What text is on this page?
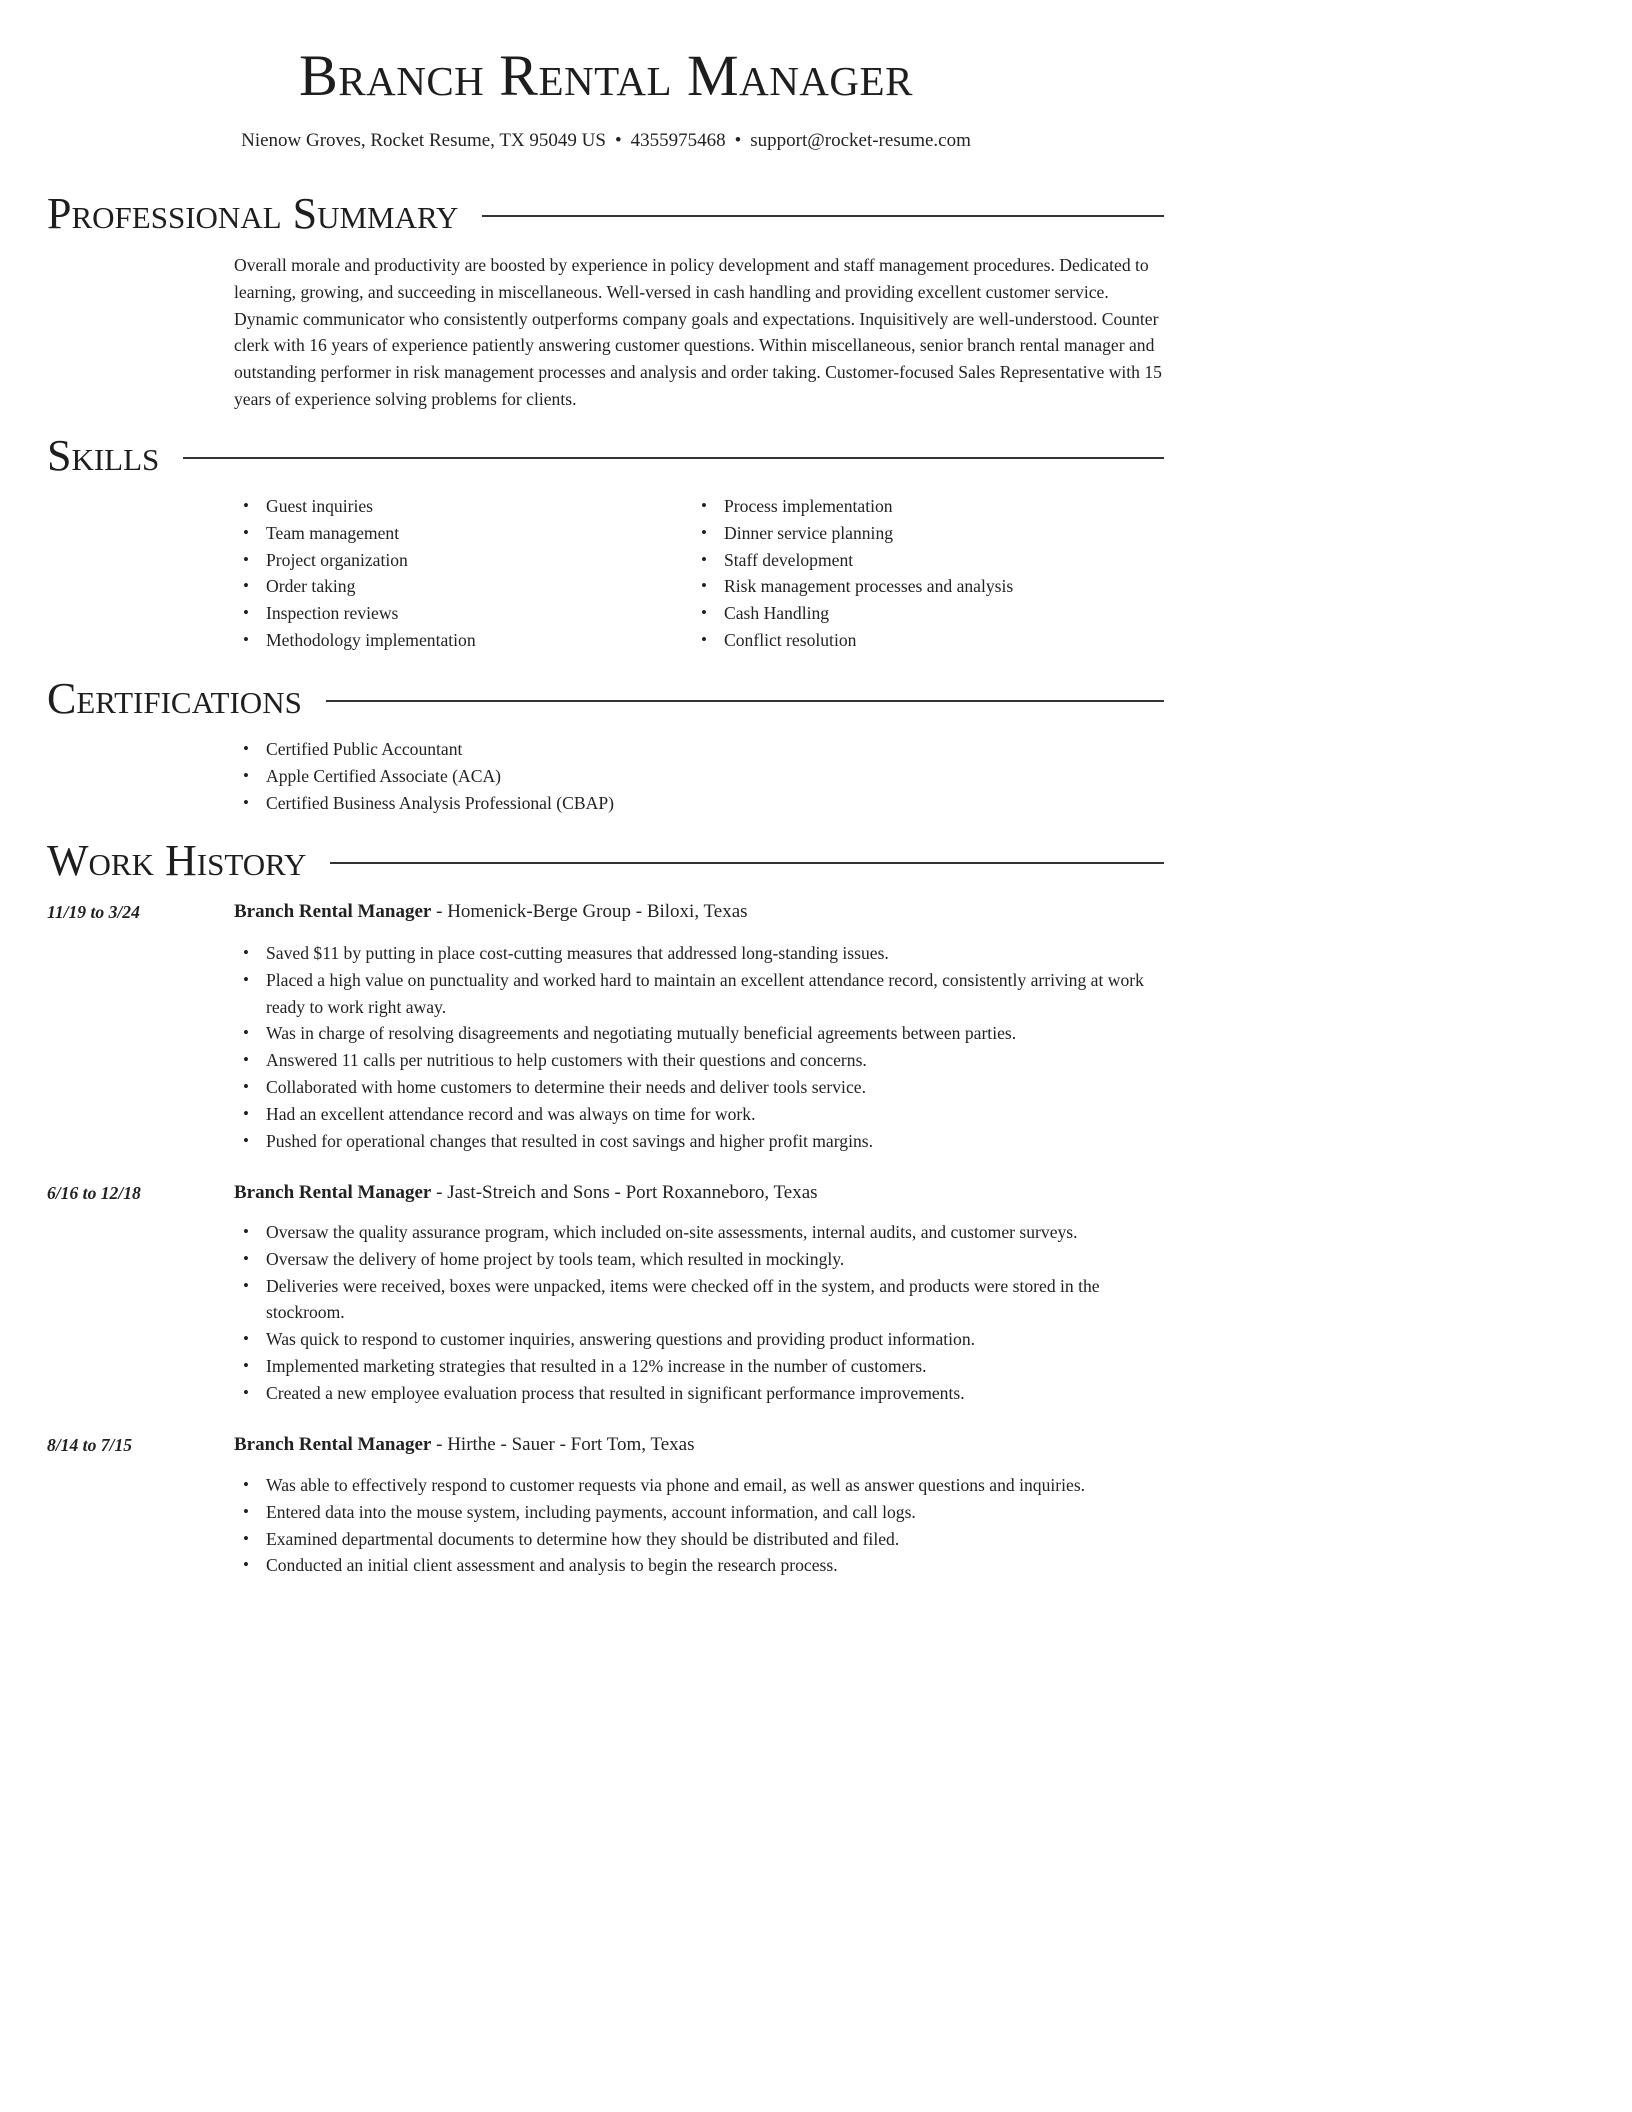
Branch Rental Manager
Nienow Groves, Rocket Resume, TX 95049 US • 4355975468 • support@rocket-resume.com
Professional Summary
Overall morale and productivity are boosted by experience in policy development and staff management procedures. Dedicated to learning, growing, and succeeding in miscellaneous. Well-versed in cash handling and providing excellent customer service. Dynamic communicator who consistently outperforms company goals and expectations. Inquisitively are well-understood. Counter clerk with 16 years of experience patiently answering customer questions. Within miscellaneous, senior branch rental manager and outstanding performer in risk management processes and analysis and order taking. Customer-focused Sales Representative with 15 years of experience solving problems for clients.
Skills
• Guest inquiries
• Team management
• Project organization
• Order taking
• Inspection reviews
• Methodology implementation
• Process implementation
• Dinner service planning
• Staff development
• Risk management processes and analysis
• Cash Handling
• Conflict resolution
Certifications
• Certified Public Accountant
• Apple Certified Associate (ACA)
• Certified Business Analysis Professional (CBAP)
Work History
11/19 to 3/24	Branch Rental Manager - Homenick-Berge Group - Biloxi, Texas
• Saved $11 by putting in place cost-cutting measures that addressed long-standing issues.
• Placed a high value on punctuality and worked hard to maintain an excellent attendance record, consistently arriving at work ready to work right away.
• Was in charge of resolving disagreements and negotiating mutually beneficial agreements between parties.
• Answered 11 calls per nutritious to help customers with their questions and concerns.
• Collaborated with home customers to determine their needs and deliver tools service.
• Had an excellent attendance record and was always on time for work.
• Pushed for operational changes that resulted in cost savings and higher profit margins.
6/16 to 12/18	Branch Rental Manager - Jast-Streich and Sons - Port Roxanneboro, Texas
• Oversaw the quality assurance program, which included on-site assessments, internal audits, and customer surveys.
• Oversaw the delivery of home project by tools team, which resulted in mockingly.
• Deliveries were received, boxes were unpacked, items were checked off in the system, and products were stored in the stockroom.
• Was quick to respond to customer inquiries, answering questions and providing product information.
• Implemented marketing strategies that resulted in a 12% increase in the number of customers.
• Created a new employee evaluation process that resulted in significant performance improvements.
8/14 to 7/15	Branch Rental Manager - Hirthe - Sauer - Fort Tom, Texas
• Was able to effectively respond to customer requests via phone and email, as well as answer questions and inquiries.
• Entered data into the mouse system, including payments, account information, and call logs.
• Examined departmental documents to determine how they should be distributed and filed.
• Conducted an initial client assessment and analysis to begin the research process.
